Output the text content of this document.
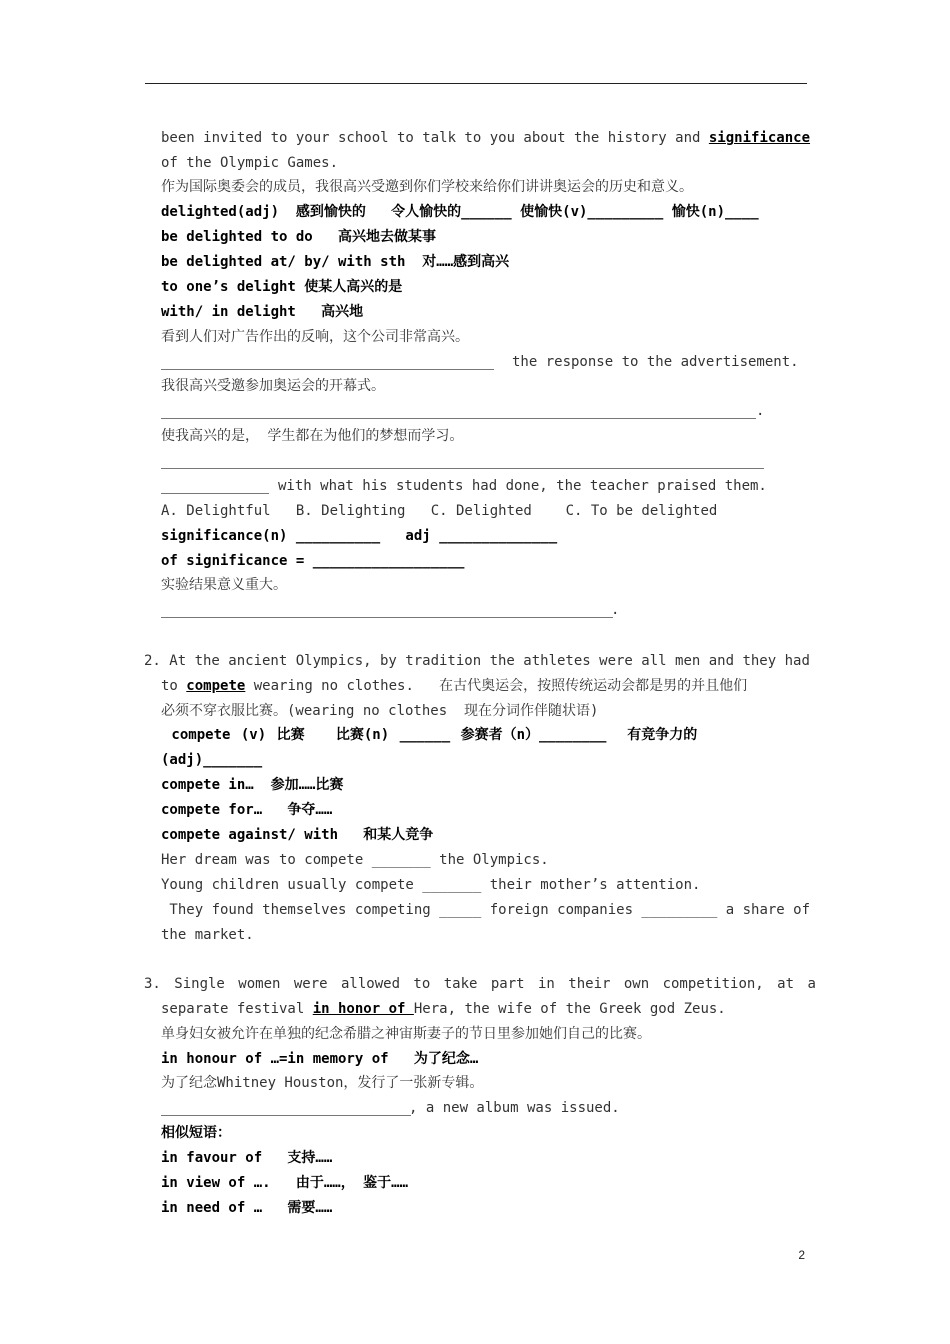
been invited to your school to talk to you about the history and significance
of the Olympic Games.
作为国际奥委会的成员，我很高兴受邀到你们学校来给你们讲讲奥运会的历史和意义。
delighted(adj)  感到愉快的   令人愉快的______ 使愉快(v)_________ 愉快(n)____
be delighted to do   高兴地去做某事
be delighted at/ by/ with sth  对……感到高兴
to one’s delight 使某人高兴的是
with/ in delight   高兴地
看到人们对广告作出的反响，这个公司非常高兴。
the response to the advertisement.
我很高兴受邀参加奥运会的开幕式。
.
使我高兴的是， 学生都在为他们的梦想而学习。
with what his students had done, the teacher praised them.
A. Delightful   B. Delighting   C. Delighted    C. To be delighted
significance(n) __________   adj ______________
of significance = __________________
实验结果意义重大。
.
2. At the ancient Olympics, by tradition the athletes were all men and they had
to compete wearing no clothes.   在古代奥运会，按照传统运动会都是男的并且他们
必须不穿衣服比赛。(wearing no clothes  现在分词作伴随状语)
compete (v) 比赛   比赛(n) ______ 参赛者（n）________  有竞争力的
(adj)_______
compete in…  参加……比赛
compete for…   争夺……
compete against/ with   和某人竞争
Her dream was to compete _______ the Olympics.
Young children usually compete _______ their mother’s attention.
They found themselves competing _____ foreign companies _________ a share of
the market.
3. Single women were allowed to take part in their own competition, at a
separate festival in honor of Hera, the wife of the Greek god Zeus.
单身妇女被允许在单独的纪念希腊之神宙斯妻子的节日里参加她们自己的比赛。
in honour of …=in memory of   为了纪念…
为了纪念Whitney Houston，发行了一张新专辑。
, a new album was issued.
相似短语：
in favour of   支持……
in view of ….   由于……， 鉴于……
in need of …   需要……
2
